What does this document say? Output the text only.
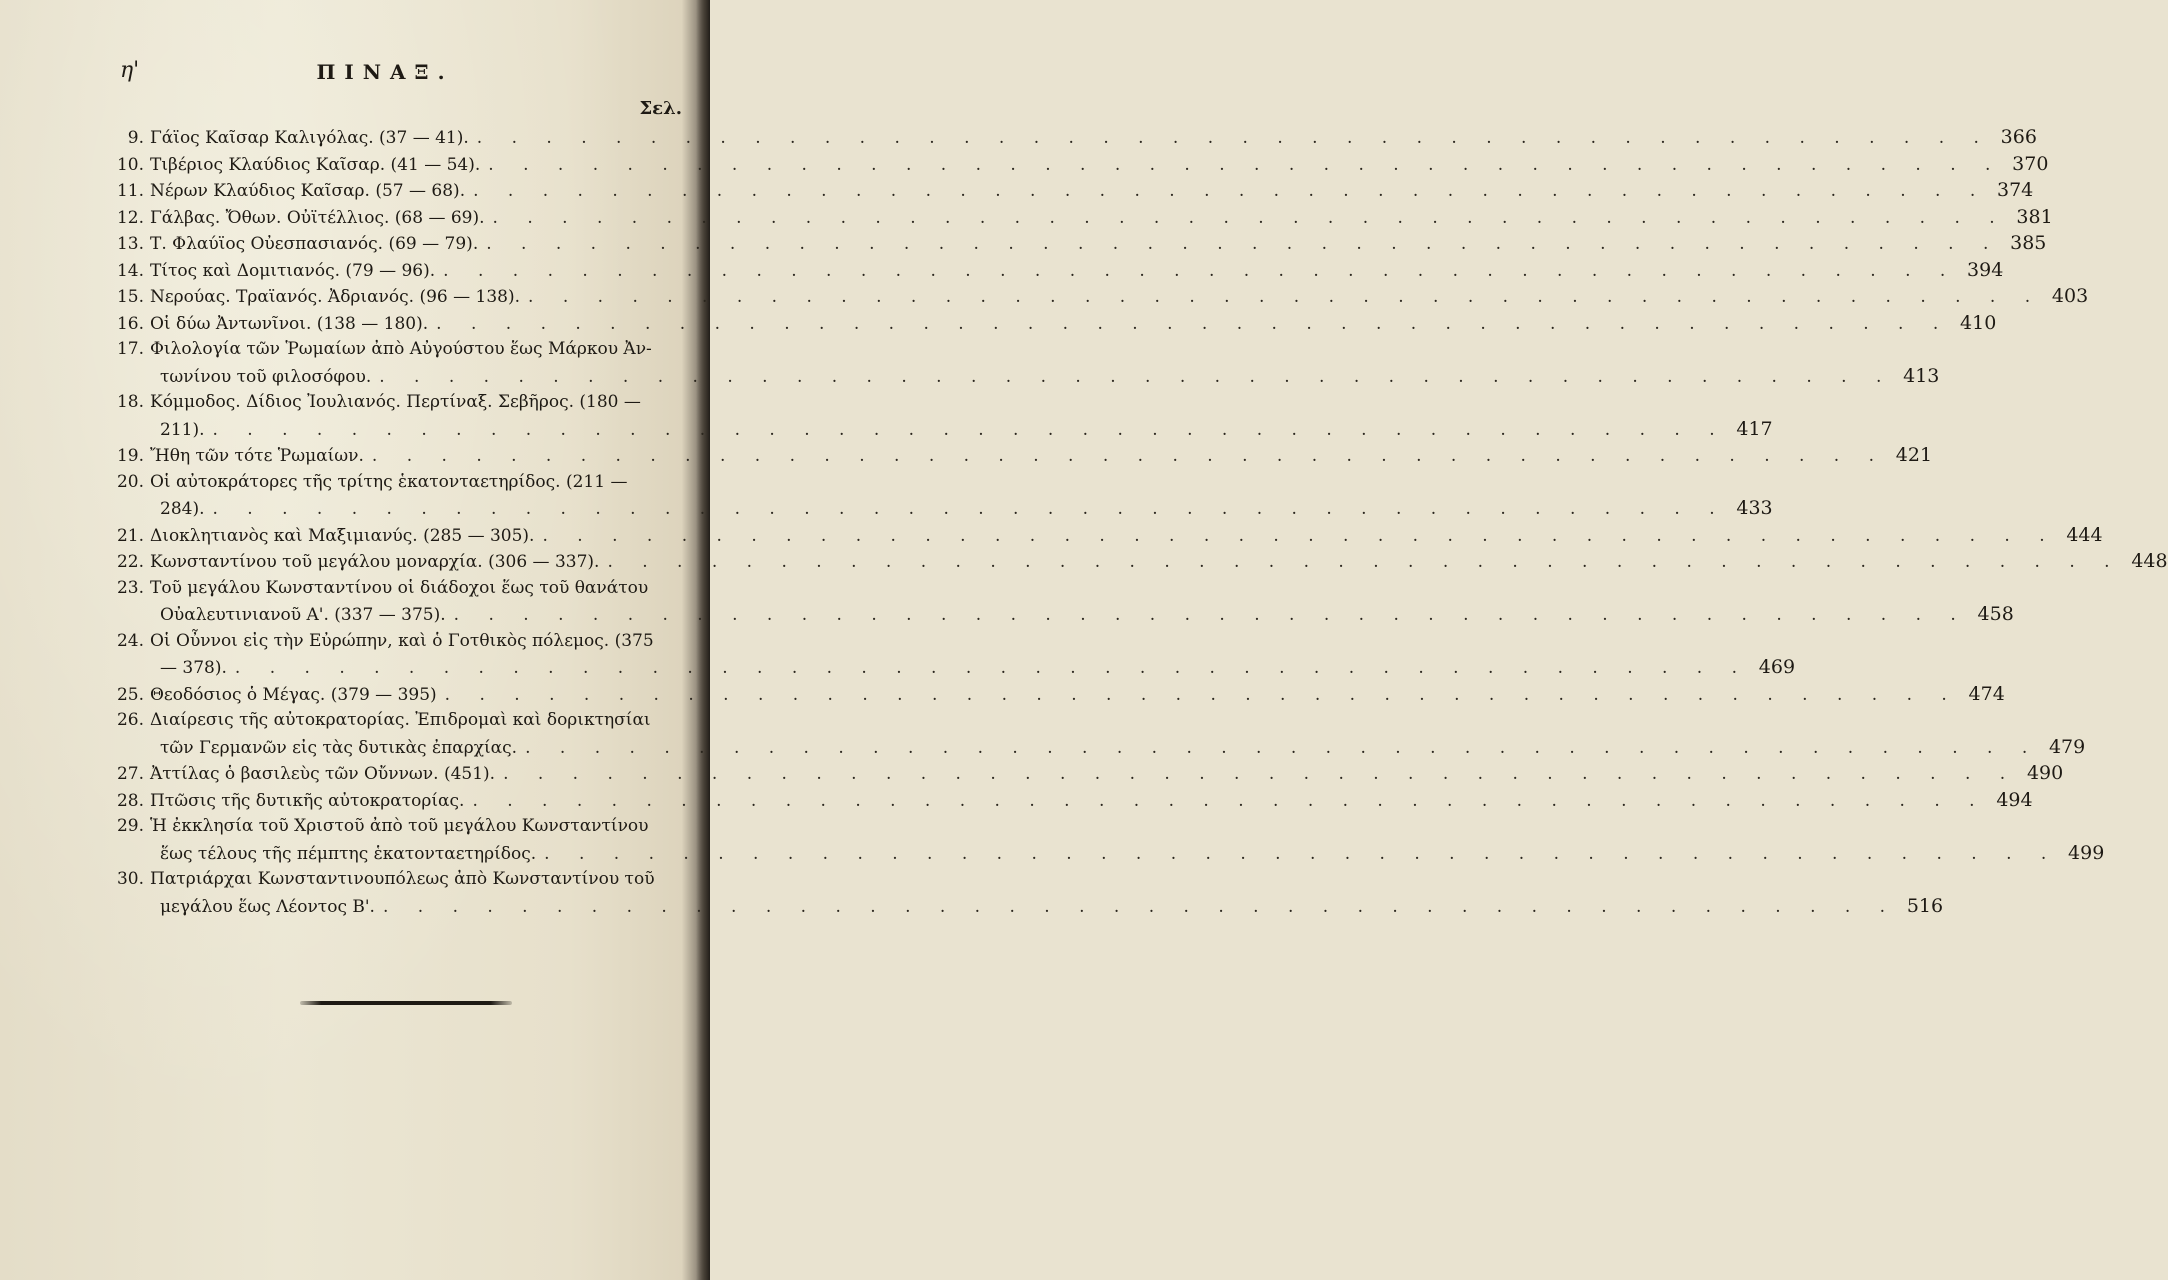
η'	ΠΙΝΑΞ.
Σελ.
9. Γάϊος Καῖσαρ Καλιγόλας. (37 — 41). . . .	366
10. Τιβέριος Κλαύδιος Καῖσαρ. (41 — 54). . . .	370
11. Νέρων Κλαύδιος Καῖσαρ. (57 — 68). . . .	374
12. Γάλβας. Ὄθων. Οὐϊτέλλιος. (68 — 69). . . .	381
13. Τ. Φλαύϊος Οὐεσπασιανός. (69 — 79). . . .	385
14. Τίτος καὶ Δομιτιανός. (79 — 96). . . .	394
15. Νερούας. Τραϊανός. Ἀδριανός. (96 — 138). . . .	403
16. Οἱ δύω Ἀντωνῖνοι. (138 — 180). . . .	410
17. Φιλολογία τῶν Ῥωμαίων ἀπὸ Αὐγούστου ἕως Μάρκου Ἀν-
τωνίνου τοῦ φιλοσόφου. . . .	413
18. Κόμμοδος. Δίδιος Ἰουλιανός. Περτίναξ. Σεβῆρος. (180 —
211). . . .	417
19. Ἤθη τῶν τότε Ῥωμαίων. . . .	421
20. Οἱ αὐτοκράτορες τῆς τρίτης ἑκατονταετηρίδος. (211 —
284). . . .	433
21. Διοκλητιανὸς καὶ Μαξιμιανύς. (285 — 305). . . .	444
22. Κωνσταντίνου τοῦ μεγάλου μοναρχία. (306 — 337). . . .	448
23. Τοῦ μεγάλου Κωνσταντίνου οἱ διάδοχοι ἕως τοῦ θανάτου
Οὐαλευτινιανοῦ Α'. (337 — 375). . . .	458
24. Οἱ Οὖννοι εἰς τὴν Εὐρώπην, καὶ ὁ Γοτθικὸς πόλεμος. (375
— 378). . . .	469
25. Θεοδόσιος ὁ Μέγας. (379 — 395) . . .	474
26. Διαίρεσις τῆς αὐτοκρατορίας. Ἐπιδρομαὶ καὶ δορικτησίαι
τῶν Γερμανῶν εἰς τὰς δυτικὰς ἐπαρχίας. . . .	479
27. Ἀττίλας ὁ βασιλεὺς τῶν Οὔννων. (451). . . .	490
28. Πτῶσις τῆς δυτικῆς αὐτοκρατορίας. . . .	494
29. Ἡ ἐκκλησία τοῦ Χριστοῦ ἀπὸ τοῦ μεγάλου Κωνσταντίνου
ἕως τέλους τῆς πέμπτης ἑκατονταετηρίδος. . . .	499
30. Πατριάρχαι Κωνσταντινουπόλεως ἀπὸ Κωνσταντίνου τοῦ
μεγάλου ἕως Λέοντος Β'. . . .	516
